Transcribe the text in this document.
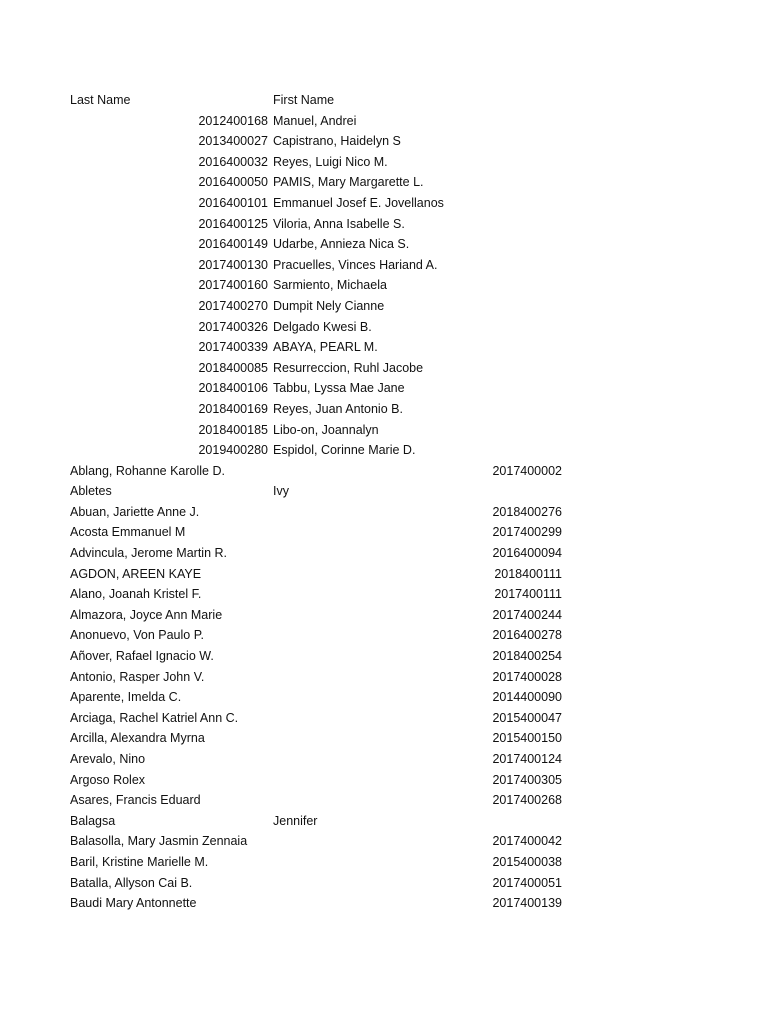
Last Name	First Name
2012400168 Manuel, Andrei
2013400027 Capistrano, Haidelyn S
2016400032 Reyes, Luigi Nico M.
2016400050 PAMIS, Mary Margarette L.
2016400101 Emmanuel Josef E. Jovellanos
2016400125 Viloria, Anna Isabelle S.
2016400149 Udarbe, Annieza Nica S.
2017400130 Pracuelles, Vinces Hariand A.
2017400160 Sarmiento, Michaela
2017400270 Dumpit Nely Cianne
2017400326 Delgado Kwesi B.
2017400339 ABAYA, PEARL M.
2018400085 Resurreccion, Ruhl Jacobe
2018400106 Tabbu, Lyssa Mae Jane
2018400169 Reyes, Juan Antonio B.
2018400185 Libo-on, Joannalyn
2019400280 Espidol, Corinne Marie D.
Ablang, Rohanne Karolle D.	2017400002
Abletes	Ivy
Abuan, Jariette Anne J.	2018400276
Acosta Emmanuel M	2017400299
Advincula, Jerome Martin R.	2016400094
AGDON, AREEN KAYE	2018400111
Alano, Joanah Kristel F.	2017400111
Almazora, Joyce Ann Marie	2017400244
Anonuevo, Von Paulo P.	2016400278
Añover, Rafael Ignacio W.	2018400254
Antonio, Rasper John V.	2017400028
Aparente, Imelda C.	2014400090
Arciaga, Rachel Katriel Ann C.	2015400047
Arcilla, Alexandra Myrna	2015400150
Arevalo, Nino	2017400124
Argoso Rolex	2017400305
Asares, Francis Eduard	2017400268
Balagsa	Jennifer
Balasolla, Mary Jasmin Zennaia	2017400042
Baril, Kristine Marielle M.	2015400038
Batalla, Allyson Cai B.	2017400051
Baudi Mary Antonnette	2017400139
